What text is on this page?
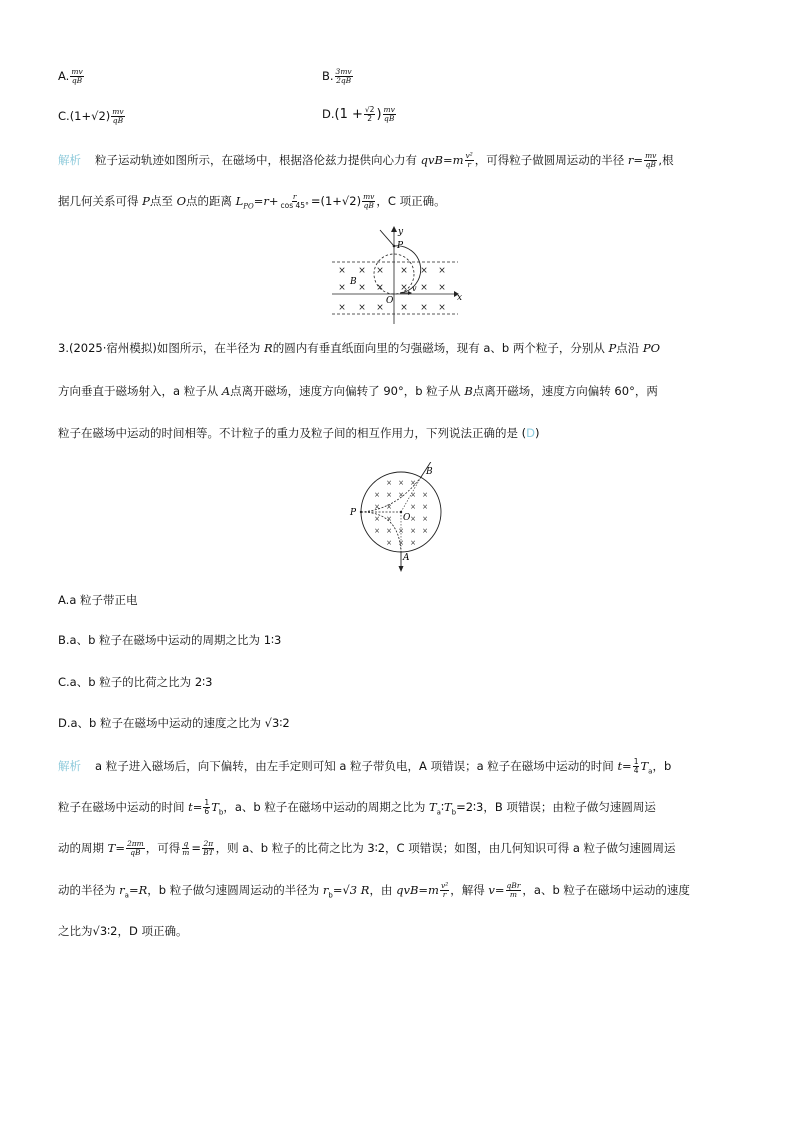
A. $\frac{mv}{qB}$	B. $\frac{3mv}{2qB}$
$C.(1+√2) \frac{mv}{qB}$	$D.(1 + \frac{√2}{2}$ ) $\frac{mv}{qB}$
解析 粒子运动轨迹如图所示，在磁场中，根据洛伦兹力提供向心力有 $qvB=m \frac{\text{v²}}{r}$ ，可得粒子做圆周运动的半径 $r= \frac{mv}{qB}$ ,根
据几何关系可得 P点至 O点的距离 $L_{PO}=r+ \frac{r}{\cos 45^\circ} =(1+√2) \frac{mv}{qB}$ ，C 项正确。
× × × × × ×
× × × × × ×
× × × × × ×
P
O
B
v
x
y
3.(2025·宿州模拟)如图所示，在半径为 R的圆内有垂直纸面向里的匀强磁场，现有 a、b 两个粒子，分别从 P点沿 PO
方向垂直于磁场射入，a 粒子从 A点离开磁场，速度方向偏转了 90°，b 粒子从 B点离开磁场，速度方向偏转 60°，两
粒子在磁场中运动的时间相等。不计粒子的重力及粒子间的相互作用力，下列说法正确的是 (D)
× × ×
× × × × ×
× ×	× ×
× ×	× ×
× × × × ×
× × ×
P	O
A
B
A.a 粒子带正电
B.a、b 粒子在磁场中运动的周期之比为 1∶3
C.a、b 粒子的比荷之比为 2∶3
D.a、b 粒子在磁场中运动的速度之比为 √3∶2
解析 a 粒子进入磁场后，向下偏转，由左手定则可知 a 粒子带负电，A 项错误；a 粒子在磁场中运动的时间 $t= \frac{1}{4} T_a$，b
粒子在磁场中运动的时间 $t= \frac{1}{6} T_b$，a、b 粒子在磁场中运动的周期之比为 $T_a∶T_b=2∶3$，B 项错误；由粒子做匀速圆周运
动的周期 $T= \frac{2\pi m}{qB}$ ，可得 $\frac{q}{m} = \frac{2\pi}{BT}$ ，则 a、b 粒子的比荷之比为 3∶2，C 项错误；如图，由几何知识可得 a 粒子做匀速圆周运
动的半径为 $r_a=R$，b 粒子做匀速圆周运动的半径为 $r_b=√3$ R，由 $qvB=m \frac{\text{v²}}{r}$ ，解得 $v= \frac{\text{qBr}}{m}$ ，a、b 粒子在磁场中运动的速度
之比为√3∶2，D 项正确。
